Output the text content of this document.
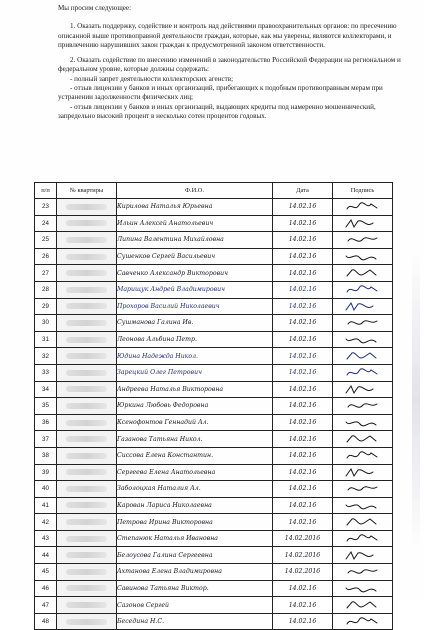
Мы просим следующее:

1. Оказать поддержку, содействие и контроль над действиями правоохранительных органов: по пресечению описанной выше противоправной деятельности граждан, которые, как мы уверены, являются коллекторами, и привлечению нарушивших закон граждан к предусмотренной законом ответственности.

2. Оказать содействие по внесению изменений в законодательство Российской Федерации на региональном и федеральном уровне, которые должны содержать:

- полный запрет деятельности коллекторских агенств;

- отзыв лицензии у банков и иных организаций, прибегающих к подобным противоправным мерам при устранении задолженности физических лиц;

- отзыв лицензии у банков и иных организаций, выдающих кредиты под намеренно мошеннический, запредельно высокий процент в несколько сотен процентов годовых.

п/п	№ квартиры	Ф.И.О.	Дата	Подпись
23		Кирилова Наталья Юрьевна	14.02.16	

24		Ильин Алексей Анатольевич	14.02.16	

25		Липина Валентина Михайловна	14.02.16	

26		Сушенков Сергей Васильевич	14.02.16	

27		Савченко Александр Викторович	14.02.16	

28		Марищук Андрей Владимирович	14.02.16	

29		Прохоров Василий Николаевич	14.02.16	

30		Сушманова Галина Ив.	14.02.16	

31		Леонова Альбина Петр.	14.02.16	

32		Юдина Надежда Никол.	14.02.16	

33		Зарецкий Олег Петрович	14.02.16	

34		Андреева Наталья Викторовна	14.02.16	

35		Юркина Любовь Федоровна	14.02.16	

36		Ксенофонтов Геннадий Ал.	14.02.16	

37		Газанова Татьяна Никол.	14.02.16	

38		Сиссова Елена Константин.	14.02.16	

39		Сергеева Елена Анатольевна	14.02.16	

40		Заболоцкая Наталия Ал.	14.02.16	

41		Карован Лариса Николаевна	14.02.16	

42		Петрова Ирина Викторовна	14.02.16	

43		Степанюк Наталья Ивановна	14.02.2016	

44		Белоусова Галина Сергеевна	14.02.2016	

45		Ахтанова Елена Владимировна	14.02.2016	

46		Савинова Татьяна Виктор.	14.02.16	

47		Сазонов Сергей	14.02.16	

48		Беседина Н.С.	14.02.16	
